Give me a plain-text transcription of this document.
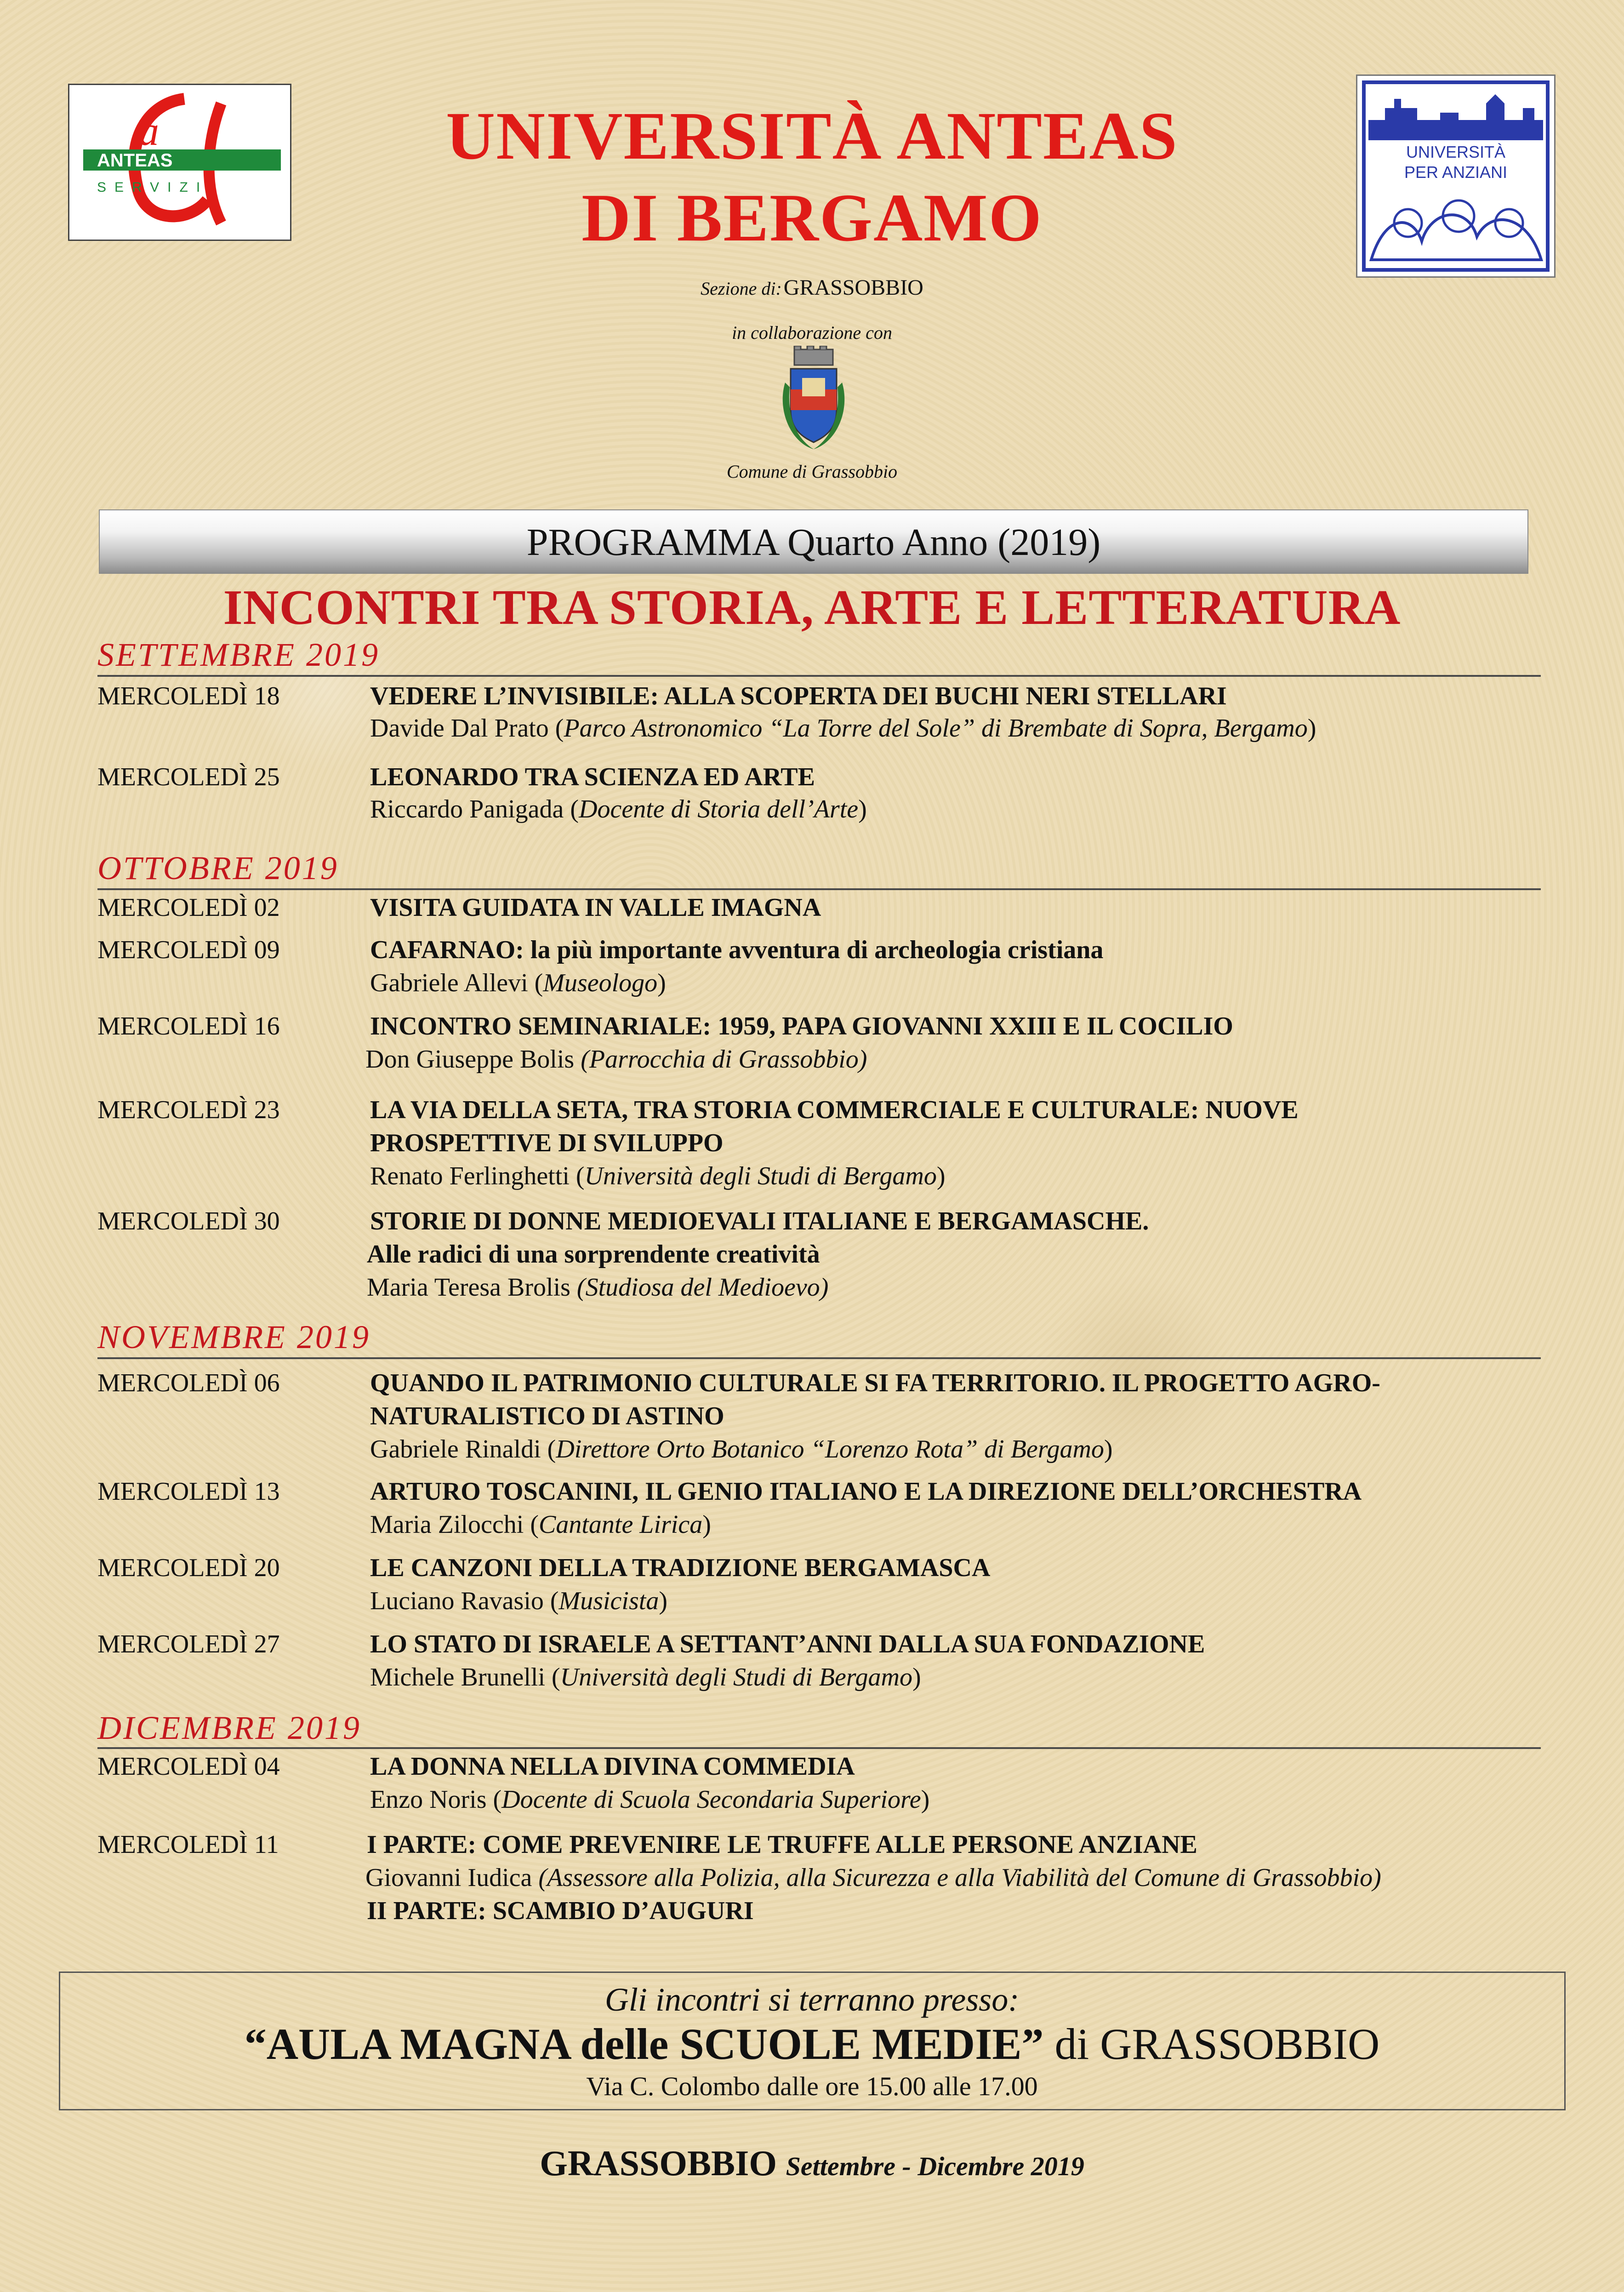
ANTEAS
SERVIZI
a	UNIVERSITÀ
PER ANZIANI
UNIVERSITÀ ANTEAS
DI BERGAMO
Sezione di: GRASSOBBIO
in collaborazione con
Comune di Grassobbio
PROGRAMMA Quarto Anno (2019)
INCONTRI TRA STORIA, ARTE E LETTERATURA
SETTEMBRE 2019
MERCOLEDÌ 18	VEDERE L’INVISIBILE: ALLA SCOPERTA DEI BUCHI NERI STELLARI
Davide Dal Prato (Parco Astronomico “La Torre del Sole” di Brembate di Sopra, Bergamo)
MERCOLEDÌ 25	LEONARDO TRA SCIENZA ED ARTE
Riccardo Panigada (Docente di Storia dell’Arte)
OTTOBRE 2019
MERCOLEDÌ 02	VISITA GUIDATA IN VALLE IMAGNA
MERCOLEDÌ 09	CAFARNAO: la più importante avventura di archeologia cristiana
Gabriele Allevi (Museologo)
MERCOLEDÌ 16	INCONTRO SEMINARIALE: 1959, PAPA GIOVANNI XXIII E IL COCILIO
Don Giuseppe Bolis (Parrocchia di Grassobbio)
MERCOLEDÌ 23	LA VIA DELLA SETA, TRA STORIA COMMERCIALE E CULTURALE: NUOVE
PROSPETTIVE DI SVILUPPO
Renato Ferlinghetti (Università degli Studi di Bergamo)
MERCOLEDÌ 30	STORIE DI DONNE MEDIOEVALI ITALIANE E BERGAMASCHE.
Alle radici di una sorprendente creatività
Maria Teresa Brolis (Studiosa del Medioevo)
NOVEMBRE 2019
MERCOLEDÌ 06	QUANDO IL PATRIMONIO CULTURALE SI FA TERRITORIO. IL PROGETTO AGRO-
NATURALISTICO DI ASTINO
Gabriele Rinaldi (Direttore Orto Botanico “Lorenzo Rota” di Bergamo)
MERCOLEDÌ 13	ARTURO TOSCANINI, IL GENIO ITALIANO E LA DIREZIONE DELL’ORCHESTRA
Maria Zilocchi (Cantante Lirica)
MERCOLEDÌ 20	LE CANZONI DELLA TRADIZIONE BERGAMASCA
Luciano Ravasio (Musicista)
MERCOLEDÌ 27	LO STATO DI ISRAELE A SETTANT’ANNI DALLA SUA FONDAZIONE
Michele Brunelli (Università degli Studi di Bergamo)
DICEMBRE 2019
MERCOLEDÌ 04	LA DONNA NELLA DIVINA COMMEDIA
Enzo Noris (Docente di Scuola Secondaria Superiore)
MERCOLEDÌ 11	I PARTE: COME PREVENIRE LE TRUFFE ALLE PERSONE ANZIANE
Giovanni Iudica (Assessore alla Polizia, alla Sicurezza e alla Viabilità del Comune di Grassobbio)
II PARTE: SCAMBIO D’AUGURI
Gli incontri si terranno presso:
“AULA MAGNA delle SCUOLE MEDIE” di GRASSOBBIO
Via C. Colombo dalle ore 15.00 alle 17.00
GRASSOBBIO Settembre - Dicembre 2019
